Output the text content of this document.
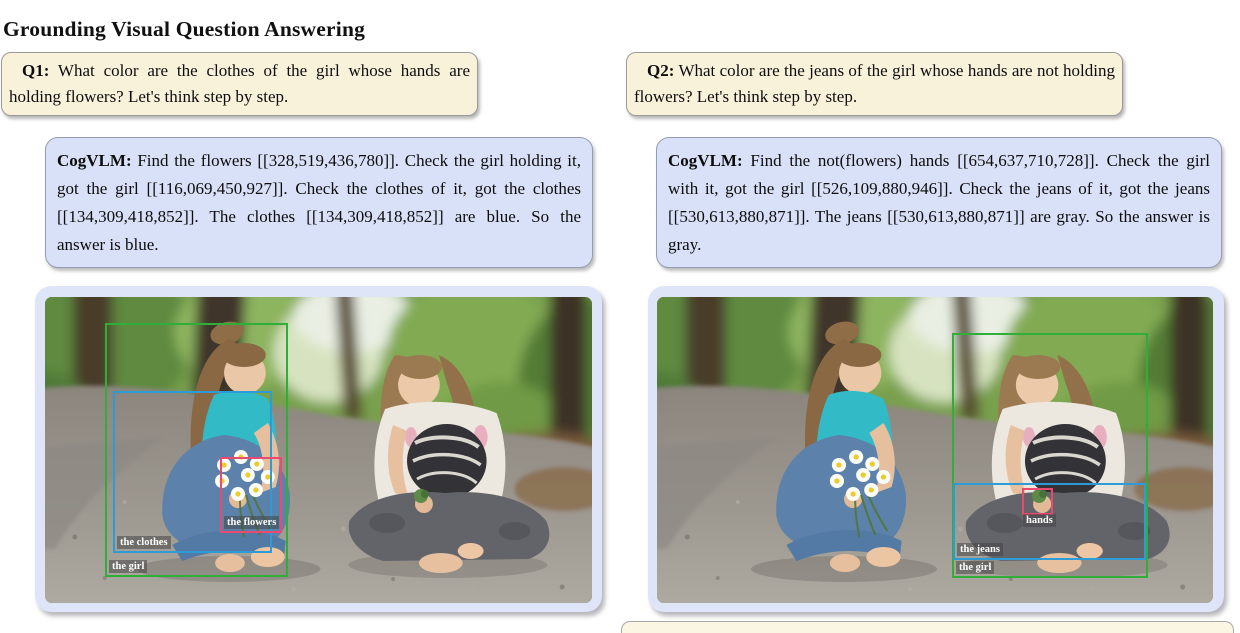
Grounding Visual Question Answering
Q1: What color are the clothes of the girl whose hands are holding flowers? Let's think step by step.
Q2: What color are the jeans of the girl whose hands are not holding flowers? Let's think step by step.
CogVLM: Find the flowers [[328,519,436,780]]. Check the girl holding it, got the girl [[116,069,450,927]]. Check the clothes of it, got the clothes [[134,309,418,852]]. The clothes [[134,309,418,852]] are blue. So the answer is blue.
CogVLM: Find the not(flowers) hands [[654,637,710,728]]. Check the girl with it, got the girl [[526,109,880,946]]. Check the jeans of it, got the jeans [[530,613,880,871]]. The jeans [[530,613,880,871]] are gray. So the answer is gray.
the girl
the clothes
the flowers
the girl
the jeans
hands
